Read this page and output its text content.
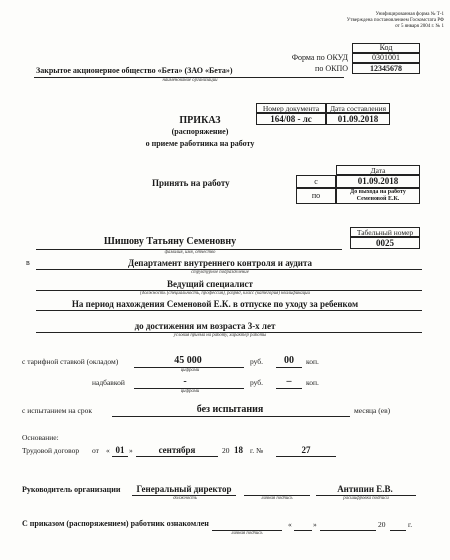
Унифицированная форма № Т-1
Утверждена постановлением Госкомстата РФ
от 5 января 2004 г. № 1
Код
Форма по ОКУД	0301001
по ОКПО	12345678
Закрытое акционерное общество «Бета» (ЗАО «Бета»)
наименование организации
ПРИКАЗ
(распоряжение)
о приеме работника на работу
Номер документа	Дата составления
164/08 - лс	01.09.2018
Принять на работу
Дата
с	01.09.2018
по	До выхода на работу Семеновой Е.К.
Табельный номер
0025
Шишову Татьяну Семеновну
фамилия, имя, отчество
в	Департамент внутреннего контроля и аудита
структурное подразделение
Ведущий специалист
(должность (специальность, профессия), разряд, класс (категория) квалификации
На период нахождения Семеновой Е.К. в отпуске по уходу за ребенком
до достижения им возраста 3-х лет
условия приема на работу, характер работы
с тарифной ставкой (окладом)	45 000
цифрами
руб.	00	коп.
надбавкой	-
цифрами
руб.	–	коп.
с испытанием на срок	без испытания	месяца (ев)
Основание:
Трудовой договор	от « 01 »	сентября	20 18 г. №	27
Руководитель организации	Генеральный директор
должность	личная подпись
Антипин Е.В.
расшифровка подписи
С приказом (распоряжением) работник ознакомлен
личная подпись
«	»	20	г.
